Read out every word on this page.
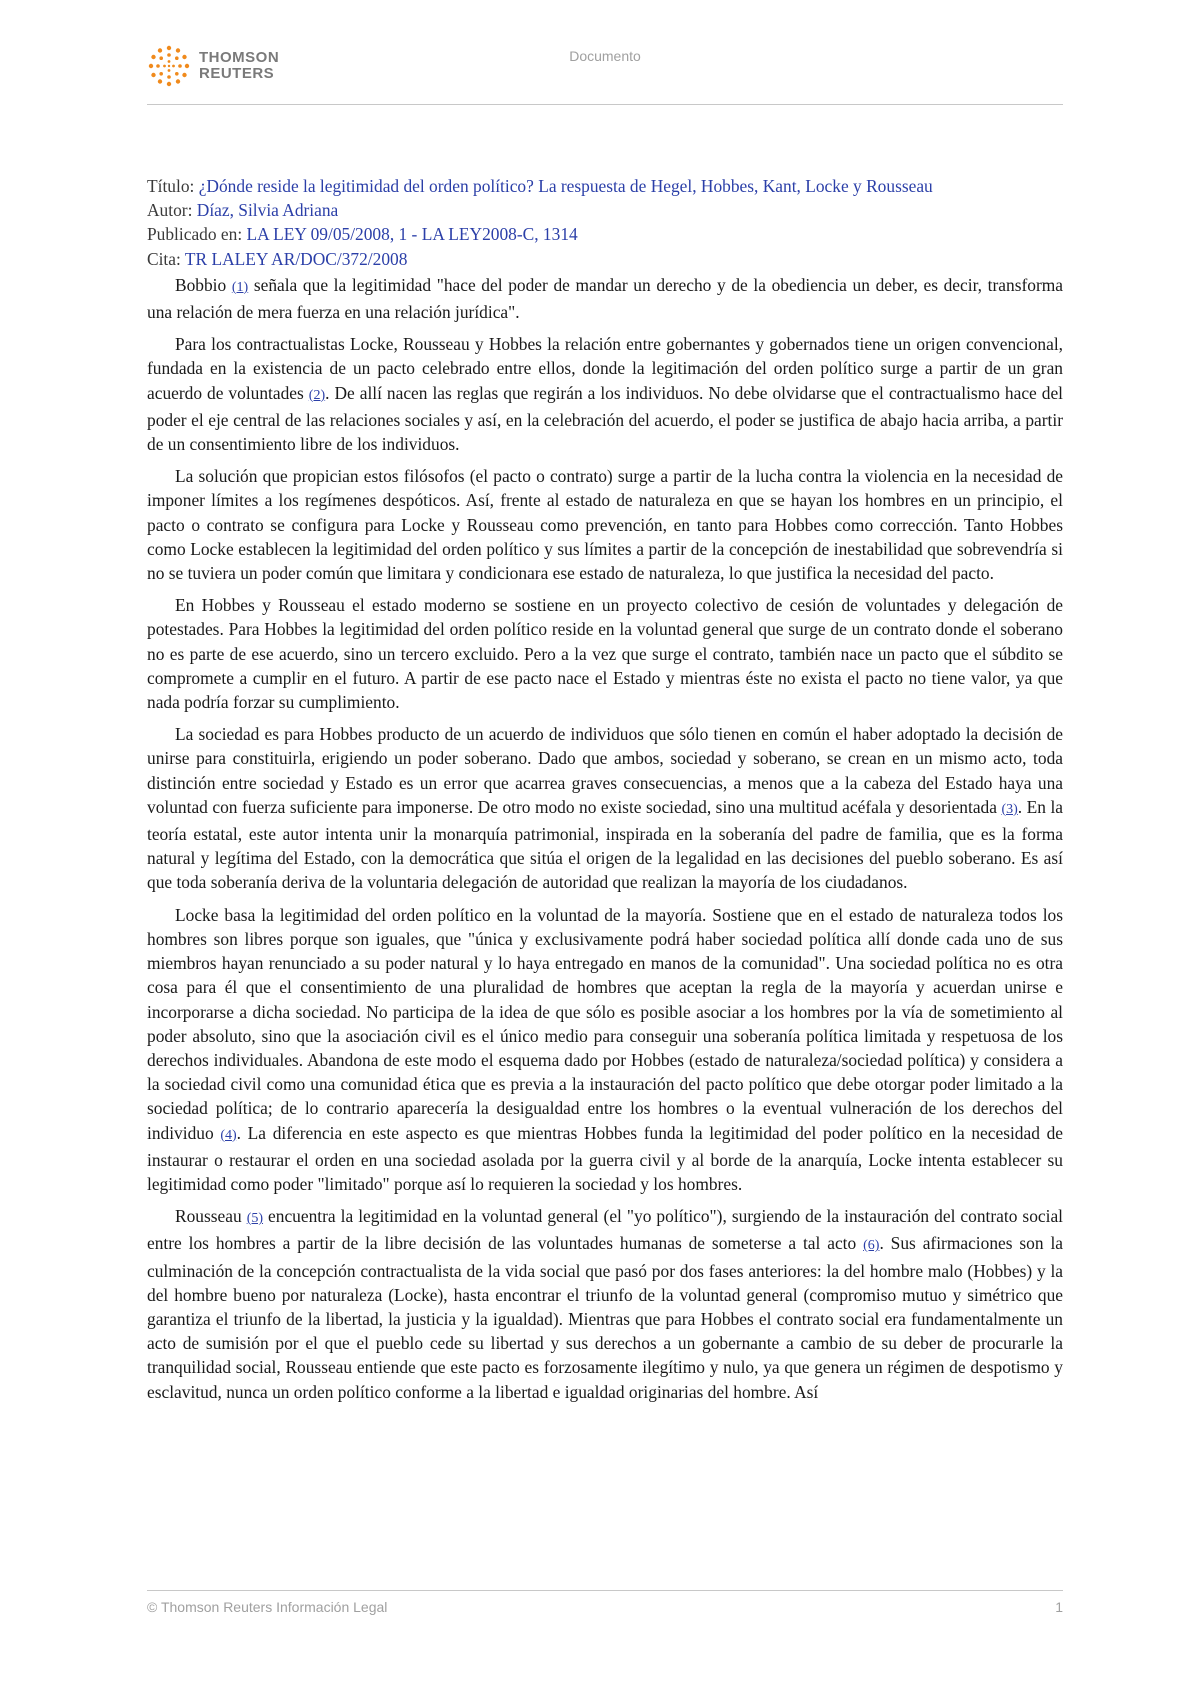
THOMSON
REUTERS
Documento
Título: ¿Dónde reside la legitimidad del orden político? La respuesta de Hegel, Hobbes, Kant, Locke y Rousseau
Autor: Díaz, Silvia Adriana
Publicado en: LA LEY 09/05/2008, 1 - LA LEY2008-C, 1314
Cita: TR LALEY AR/DOC/372/2008

Bobbio (1) señala que la legitimidad "hace del poder de mandar un derecho y de la obediencia un deber, es decir, transforma una relación de mera fuerza en una relación jurídica".

Para los contractualistas Locke, Rousseau y Hobbes la relación entre gobernantes y gobernados tiene un origen convencional, fundada en la existencia de un pacto celebrado entre ellos, donde la legitimación del orden político surge a partir de un gran acuerdo de voluntades (2). De allí nacen las reglas que regirán a los individuos. No debe olvidarse que el contractualismo hace del poder el eje central de las relaciones sociales y así, en la celebración del acuerdo, el poder se justifica de abajo hacia arriba, a partir de un consentimiento libre de los individuos.

La solución que propician estos filósofos (el pacto o contrato) surge a partir de la lucha contra la violencia en la necesidad de imponer límites a los regímenes despóticos. Así, frente al estado de naturaleza en que se hayan los hombres en un principio, el pacto o contrato se configura para Locke y Rousseau como prevención, en tanto para Hobbes como corrección. Tanto Hobbes como Locke establecen la legitimidad del orden político y sus límites a partir de la concepción de inestabilidad que sobrevendría si no se tuviera un poder común que limitara y condicionara ese estado de naturaleza, lo que justifica la necesidad del pacto.

En Hobbes y Rousseau el estado moderno se sostiene en un proyecto colectivo de cesión de voluntades y delegación de potestades. Para Hobbes la legitimidad del orden político reside en la voluntad general que surge de un contrato donde el soberano no es parte de ese acuerdo, sino un tercero excluido. Pero a la vez que surge el contrato, también nace un pacto que el súbdito se compromete a cumplir en el futuro. A partir de ese pacto nace el Estado y mientras éste no exista el pacto no tiene valor, ya que nada podría forzar su cumplimiento.

La sociedad es para Hobbes producto de un acuerdo de individuos que sólo tienen en común el haber adoptado la decisión de unirse para constituirla, erigiendo un poder soberano. Dado que ambos, sociedad y soberano, se crean en un mismo acto, toda distinción entre sociedad y Estado es un error que acarrea graves consecuencias, a menos que a la cabeza del Estado haya una voluntad con fuerza suficiente para imponerse. De otro modo no existe sociedad, sino una multitud acéfala y desorientada (3). En la teoría estatal, este autor intenta unir la monarquía patrimonial, inspirada en la soberanía del padre de familia, que es la forma natural y legítima del Estado, con la democrática que sitúa el origen de la legalidad en las decisiones del pueblo soberano. Es así que toda soberanía deriva de la voluntaria delegación de autoridad que realizan la mayoría de los ciudadanos.

Locke basa la legitimidad del orden político en la voluntad de la mayoría. Sostiene que en el estado de naturaleza todos los hombres son libres porque son iguales, que "única y exclusivamente podrá haber sociedad política allí donde cada uno de sus miembros hayan renunciado a su poder natural y lo haya entregado en manos de la comunidad". Una sociedad política no es otra cosa para él que el consentimiento de una pluralidad de hombres que aceptan la regla de la mayoría y acuerdan unirse e incorporarse a dicha sociedad. No participa de la idea de que sólo es posible asociar a los hombres por la vía de sometimiento al poder absoluto, sino que la asociación civil es el único medio para conseguir una soberanía política limitada y respetuosa de los derechos individuales. Abandona de este modo el esquema dado por Hobbes (estado de naturaleza/sociedad política) y considera a la sociedad civil como una comunidad ética que es previa a la instauración del pacto político que debe otorgar poder limitado a la sociedad política; de lo contrario aparecería la desigualdad entre los hombres o la eventual vulneración de los derechos del individuo (4). La diferencia en este aspecto es que mientras Hobbes funda la legitimidad del poder político en la necesidad de instaurar o restaurar el orden en una sociedad asolada por la guerra civil y al borde de la anarquía, Locke intenta establecer su legitimidad como poder "limitado" porque así lo requieren la sociedad y los hombres.

Rousseau (5) encuentra la legitimidad en la voluntad general (el "yo político"), surgiendo de la instauración del contrato social entre los hombres a partir de la libre decisión de las voluntades humanas de someterse a tal acto (6). Sus afirmaciones son la culminación de la concepción contractualista de la vida social que pasó por dos fases anteriores: la del hombre malo (Hobbes) y la del hombre bueno por naturaleza (Locke), hasta encontrar el triunfo de la voluntad general (compromiso mutuo y simétrico que garantiza el triunfo de la libertad, la justicia y la igualdad). Mientras que para Hobbes el contrato social era fundamentalmente un acto de sumisión por el que el pueblo cede su libertad y sus derechos a un gobernante a cambio de su deber de procurarle la tranquilidad social, Rousseau entiende que este pacto es forzosamente ilegítimo y nulo, ya que genera un régimen de despotismo y esclavitud, nunca un orden político conforme a la libertad e igualdad originarias del hombre. Así

© Thomson Reuters Información Legal	1
